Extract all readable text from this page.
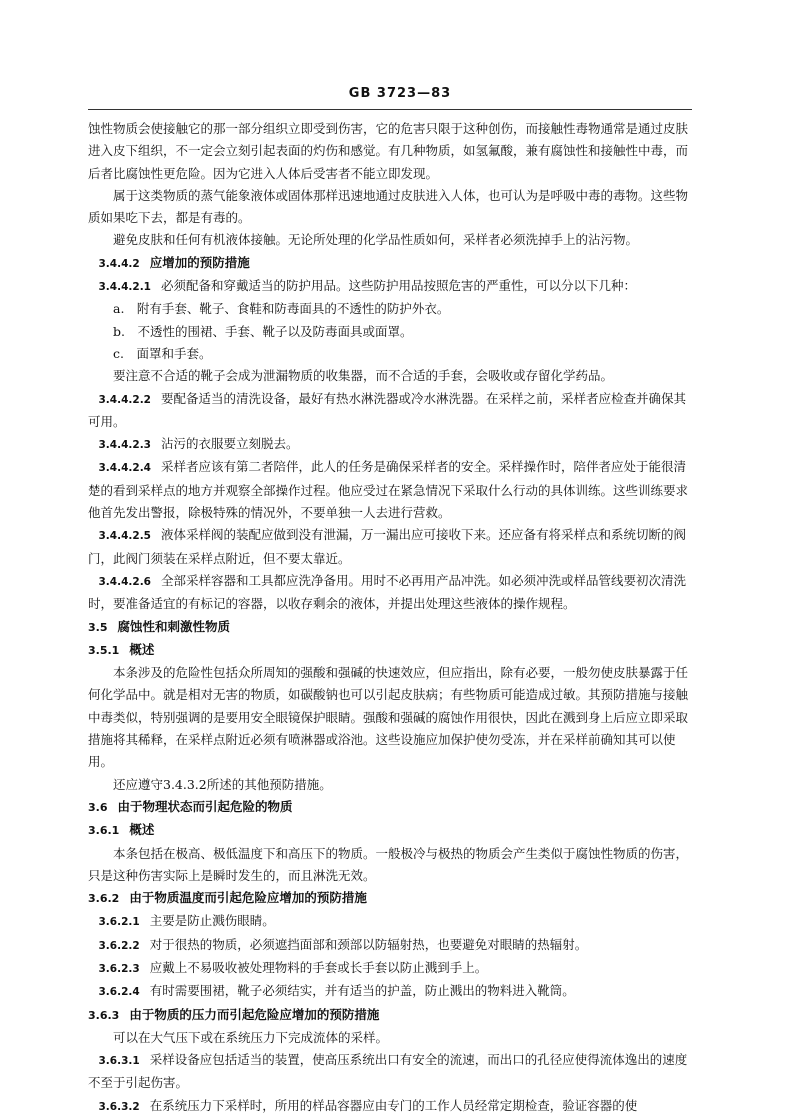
GB 3723—83

蚀性物质会使接触它的那一部分组织立即受到伤害，它的危害只限于这种创伤，而接触性毒物通常是通过皮肤进入皮下组织，不一定会立刻引起表面的灼伤和感觉。有几种物质，如氢氟酸，兼有腐蚀性和接触性中毒，而后者比腐蚀性更危险。因为它进入人体后受害者不能立即发现。

属于这类物质的蒸气能象液体或固体那样迅速地通过皮肤进入人体，也可认为是呼吸中毒的毒物。这些物质如果吃下去，都是有毒的。

避免皮肤和任何有机液体接触。无论所处理的化学品性质如何，采样者必须洗掉手上的沾污物。

3.4.4.2 应增加的预防措施

3.4.4.2.1 必须配备和穿戴适当的防护用品。这些防护用品按照危害的严重性，可以分以下几种：

a.　附有手套、靴子、食鞋和防毒面具的不透性的防护外衣。

b.　不透性的围裙、手套、靴子以及防毒面具或面罩。

c.　面罩和手套。

要注意不合适的靴子会成为泄漏物质的收集器，而不合适的手套，会吸收或存留化学药品。

3.4.4.2.2 要配备适当的清洗设备，最好有热水淋洗器或冷水淋洗器。在采样之前，采样者应检查并确保其可用。

3.4.4.2.3 沾污的衣服要立刻脱去。

3.4.4.2.4 采样者应该有第二者陪伴，此人的任务是确保采样者的安全。采样操作时，陪伴者应处于能很清楚的看到采样点的地方并观察全部操作过程。他应受过在紧急情况下采取什么行动的具体训练。这些训练要求他首先发出警报，除极特殊的情况外，不要单独一人去进行营救。

3.4.4.2.5 液体采样阀的装配应做到没有泄漏，万一漏出应可接收下来。还应备有将采样点和系统切断的阀门，此阀门须装在采样点附近，但不要太靠近。

3.4.4.2.6 全部采样容器和工具都应洗净备用。用时不必再用产品冲洗。如必须冲洗或样品管线要初次清洗时，要准备适宜的有标记的容器，以收存剩余的液体，并提出处理这些液体的操作规程。

3.5 腐蚀性和刺激性物质

3.5.1 概述

本条涉及的危险性包括众所周知的强酸和强碱的快速效应，但应指出，除有必要，一般勿使皮肤暴露于任何化学品中。就是相对无害的物质，如碳酸钠也可以引起皮肤病；有些物质可能造成过敏。其预防措施与接触中毒类似，特别强调的是要用安全眼镜保护眼睛。强酸和强碱的腐蚀作用很快，因此在溅到身上后应立即采取措施将其稀释，在采样点附近必须有喷淋器或浴池。这些设施应加保护使勿受冻，并在采样前确知其可以使用。

还应遵守3.4.3.2所述的其他预防措施。

3.6 由于物理状态而引起危险的物质

3.6.1 概述

本条包括在极高、极低温度下和高压下的物质。一般极冷与极热的物质会产生类似于腐蚀性物质的伤害，只是这种伤害实际上是瞬时发生的，而且淋洗无效。

3.6.2 由于物质温度而引起危险应增加的预防措施

3.6.2.1 主要是防止溅伤眼睛。

3.6.2.2 对于很热的物质，必须遮挡面部和颈部以防辐射热，也要避免对眼睛的热辐射。

3.6.2.3 应戴上不易吸收被处理物料的手套或长手套以防止溅到手上。

3.6.2.4 有时需要围裙，靴子必须结实，并有适当的护盖，防止溅出的物料进入靴筒。

3.6.3 由于物质的压力而引起危险应增加的预防措施

可以在大气压下或在系统压力下完成流体的采样。

3.6.3.1 采样设备应包括适当的装置，使高压系统出口有安全的流速，而出口的孔径应使得流体逸出的速度不至于引起伤害。

3.6.3.2 在系统压力下采样时，所用的样品容器应由专门的工作人员经常定期检查，验证容器的使
